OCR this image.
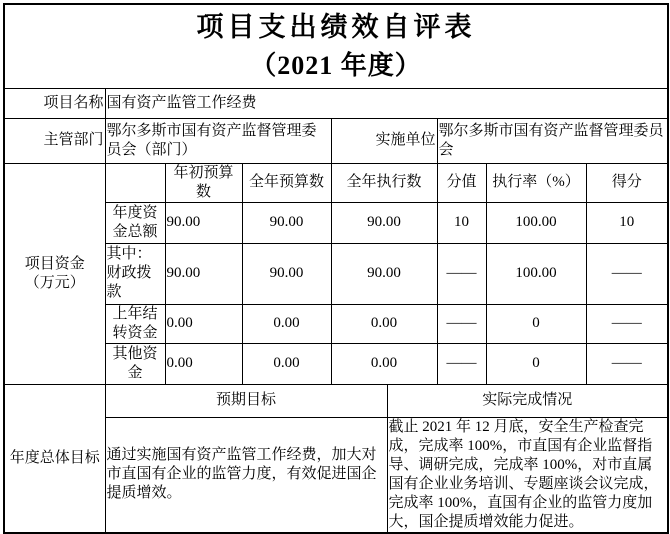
项目支出绩效自评表
（2021 年度）								

项目名称	国有资产监管工作经费							
主管部门	鄂尔多斯市国有资产监督管理委员会（部门）			实施单位		鄂尔多斯市国有资产监督管理委员会		

项目资金
（万元）		年初预算数	全年预算数	全年执行数		分值	执行率（%）	得分
	年度资金总额	90.00	90.00	90.00		10	100.00	10
	其中：财政拨款	90.00	90.00	90.00		——	100.00	——
	上年结转资金	0.00	0.00	0.00		——	0	——
	其他资金	0.00	0.00	0.00		——	0	——
年度总体目标	预期目标				实际完成情况			
	通过实施国有资产监管工作经费，加大对市直国有企业的监管力度，有效促进国企提质增效。				截止 2021 年 12 月底，安全生产检查完成，完成率 100%，市直国有企业监督指导、调研完成，完成率 100%，对市直属国有企业业务培训、专题座谈会议完成，完成率 100%，直国有企业的监管力度加大，国企提质增效能力促进。			
